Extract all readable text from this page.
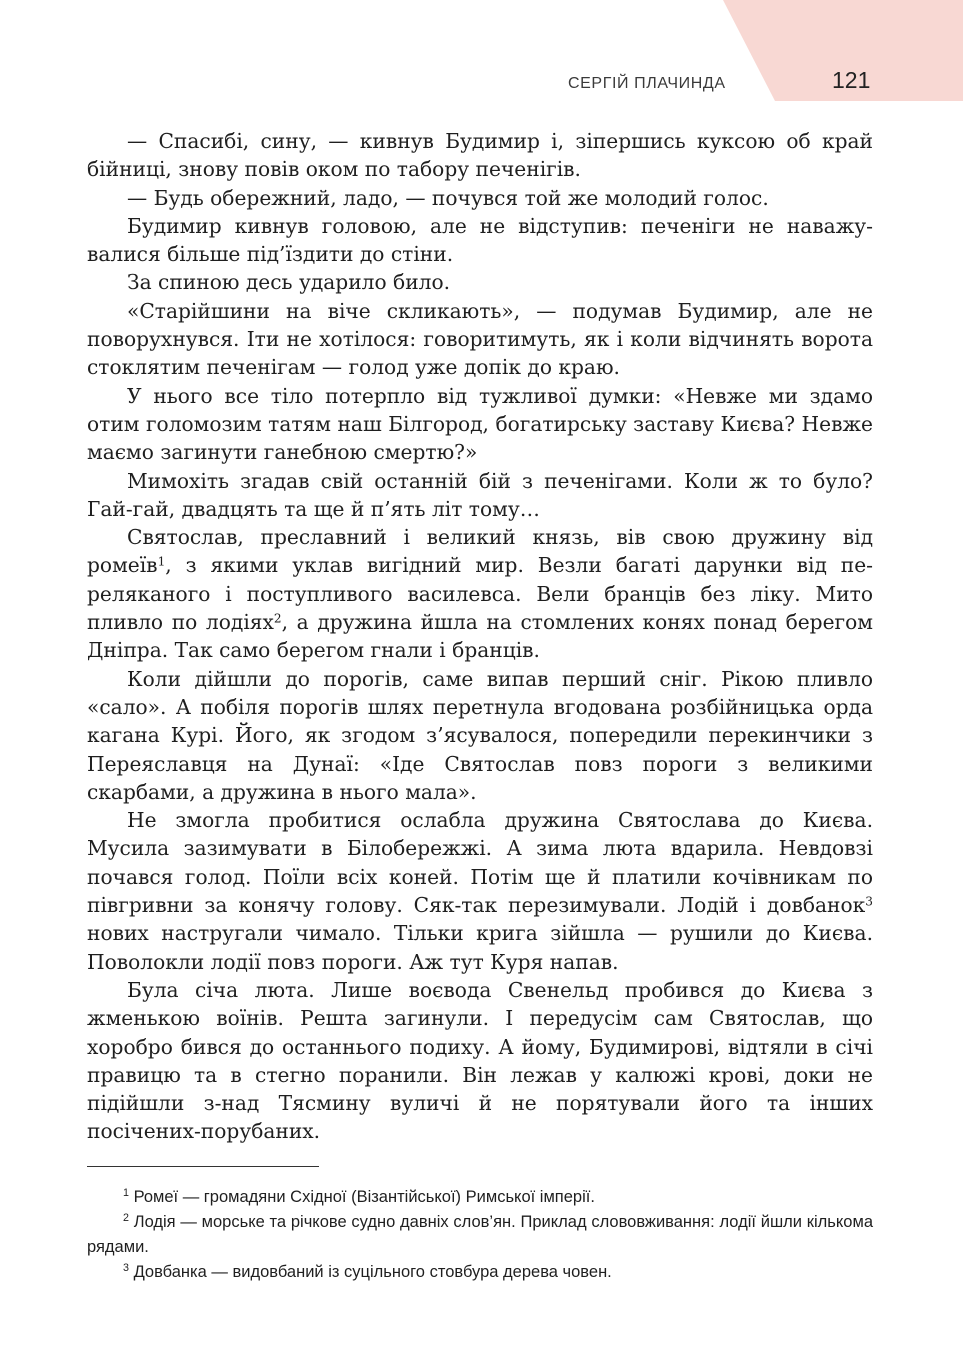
СЕРГІЙ ПЛАЧИНДА	121

— Спасибі, сину, — кивнув Будимир і, зіпершись куксою об край бійниці, знову повів оком по табору печенігів.

— Будь обережний, ладо, — почувся той же молодий голос.

Будимир кивнув головою, але не відступив: печеніги не наважувалися більше під’їздити до стіни.

За спиною десь ударило било.

«Старійшини на віче скликають», — подумав Будимир, але не поворухнувся. Іти не хотілося: говоритимуть, як і коли відчинять ворота стоклятим печенігам — голод уже допік до краю.

У нього все тіло потерпло від тужливої думки: «Невже ми здамо отим голомозим татям наш Білгород, богатирську заставу Києва? Невже маємо загинути ганебною смертю?»

Мимохіть згадав свій останній бій з печенігами. Коли ж то було? Гай-гай, двадцять та ще й п’ять літ тому…

Святослав, преславний і великий князь, вів свою дружину від ромеїв$^1$, з якими уклав вигідний мир. Везли багаті дарунки від переляканого і поступливого василевса. Вели бранців без ліку. Мито пливло по лодіях$^2$, а дружина йшла на стомлених конях понад берегом Дніпра. Так само берегом гнали і бранців.

Коли дійшли до порогів, саме випав перший сніг. Рікою пливло «сало». А побіля порогів шлях перетнула вгодована розбійницька орда кагана Курі. Його, як згодом з’ясувалося, попередили перекинчики з Переяславця на Дунаї: «Іде Святослав повз пороги з великими скарбами, а дружина в нього мала».

Не змогла пробитися ослабла дружина Святослава до Києва. Мусила зазимувати в Білобережжі. А зима люта вдарила. Невдовзі почався голод. Поїли всіх коней. Потім ще й платили кочівникам по півгривни за конячу голову. Сяк-так перезимували. Лодій і довбанок$^3$ нових настругали чимало. Тільки крига зійшла — рушили до Києва. Поволокли лодії повз пороги. Аж тут Куря напав.

Була січа люта. Лише воєвода Свенельд пробився до Києва з жменькою воїнів. Решта загинули. І передусім сам Святослав, що хоробро бився до останнього подиху. А йому, Будимирові, відтяли в січі правицю та в стегно поранили. Він лежав у калюжі крові, доки не підійшли з-над Тясмину вуличі й не порятували його та інших посічених-порубаних.

$^1$ Ромеї — громадяни Східної (Візантійської) Римської імперії.

$^2$ Лодія — морське та річкове судно давніх слов’ян. Приклад слововживання: лодії йшли кількома рядами.

$^3$ Довбанка — видовбаний із суцільного стовбура дерева човен.
